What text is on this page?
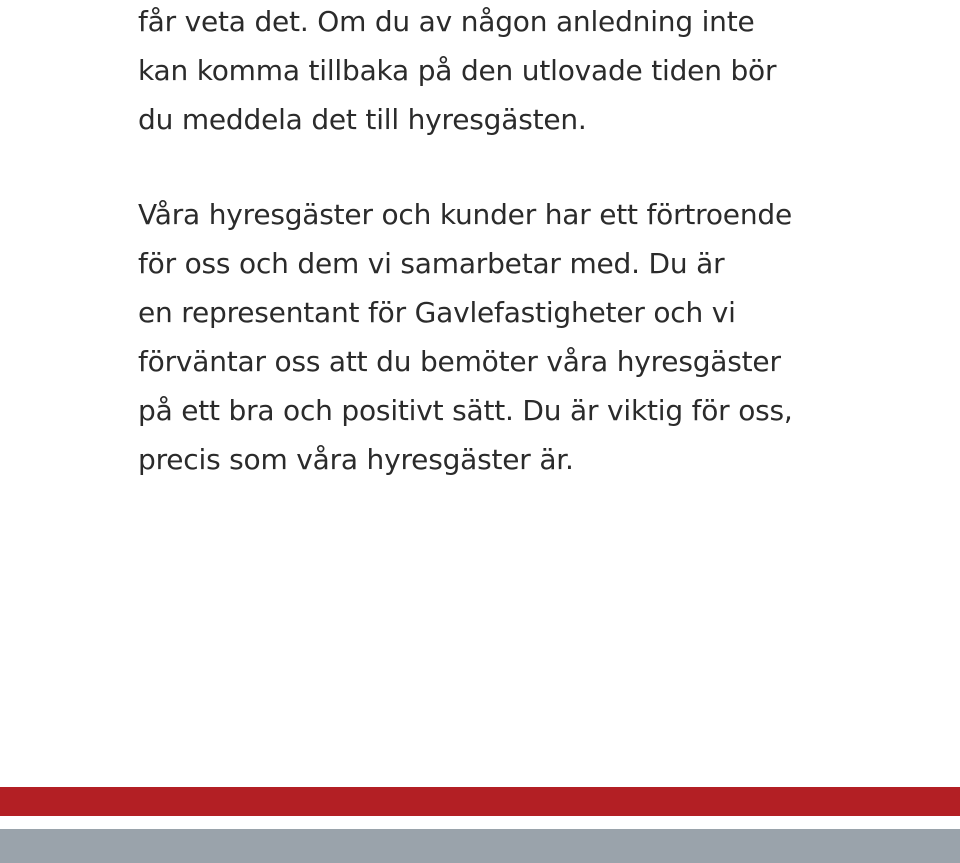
får veta det. Om du av någon anledning inte
kan komma tillbaka på den utlovade tiden bör
du meddela det till hyresgästen.
Våra hyresgäster och kunder har ett förtroende
för oss och dem vi samarbetar med. Du är
en representant för Gavlefastigheter och vi
förväntar oss att du bemöter våra hyresgäster
på ett bra och positivt sätt. Du är viktig för oss,
precis som våra hyresgäster är.
